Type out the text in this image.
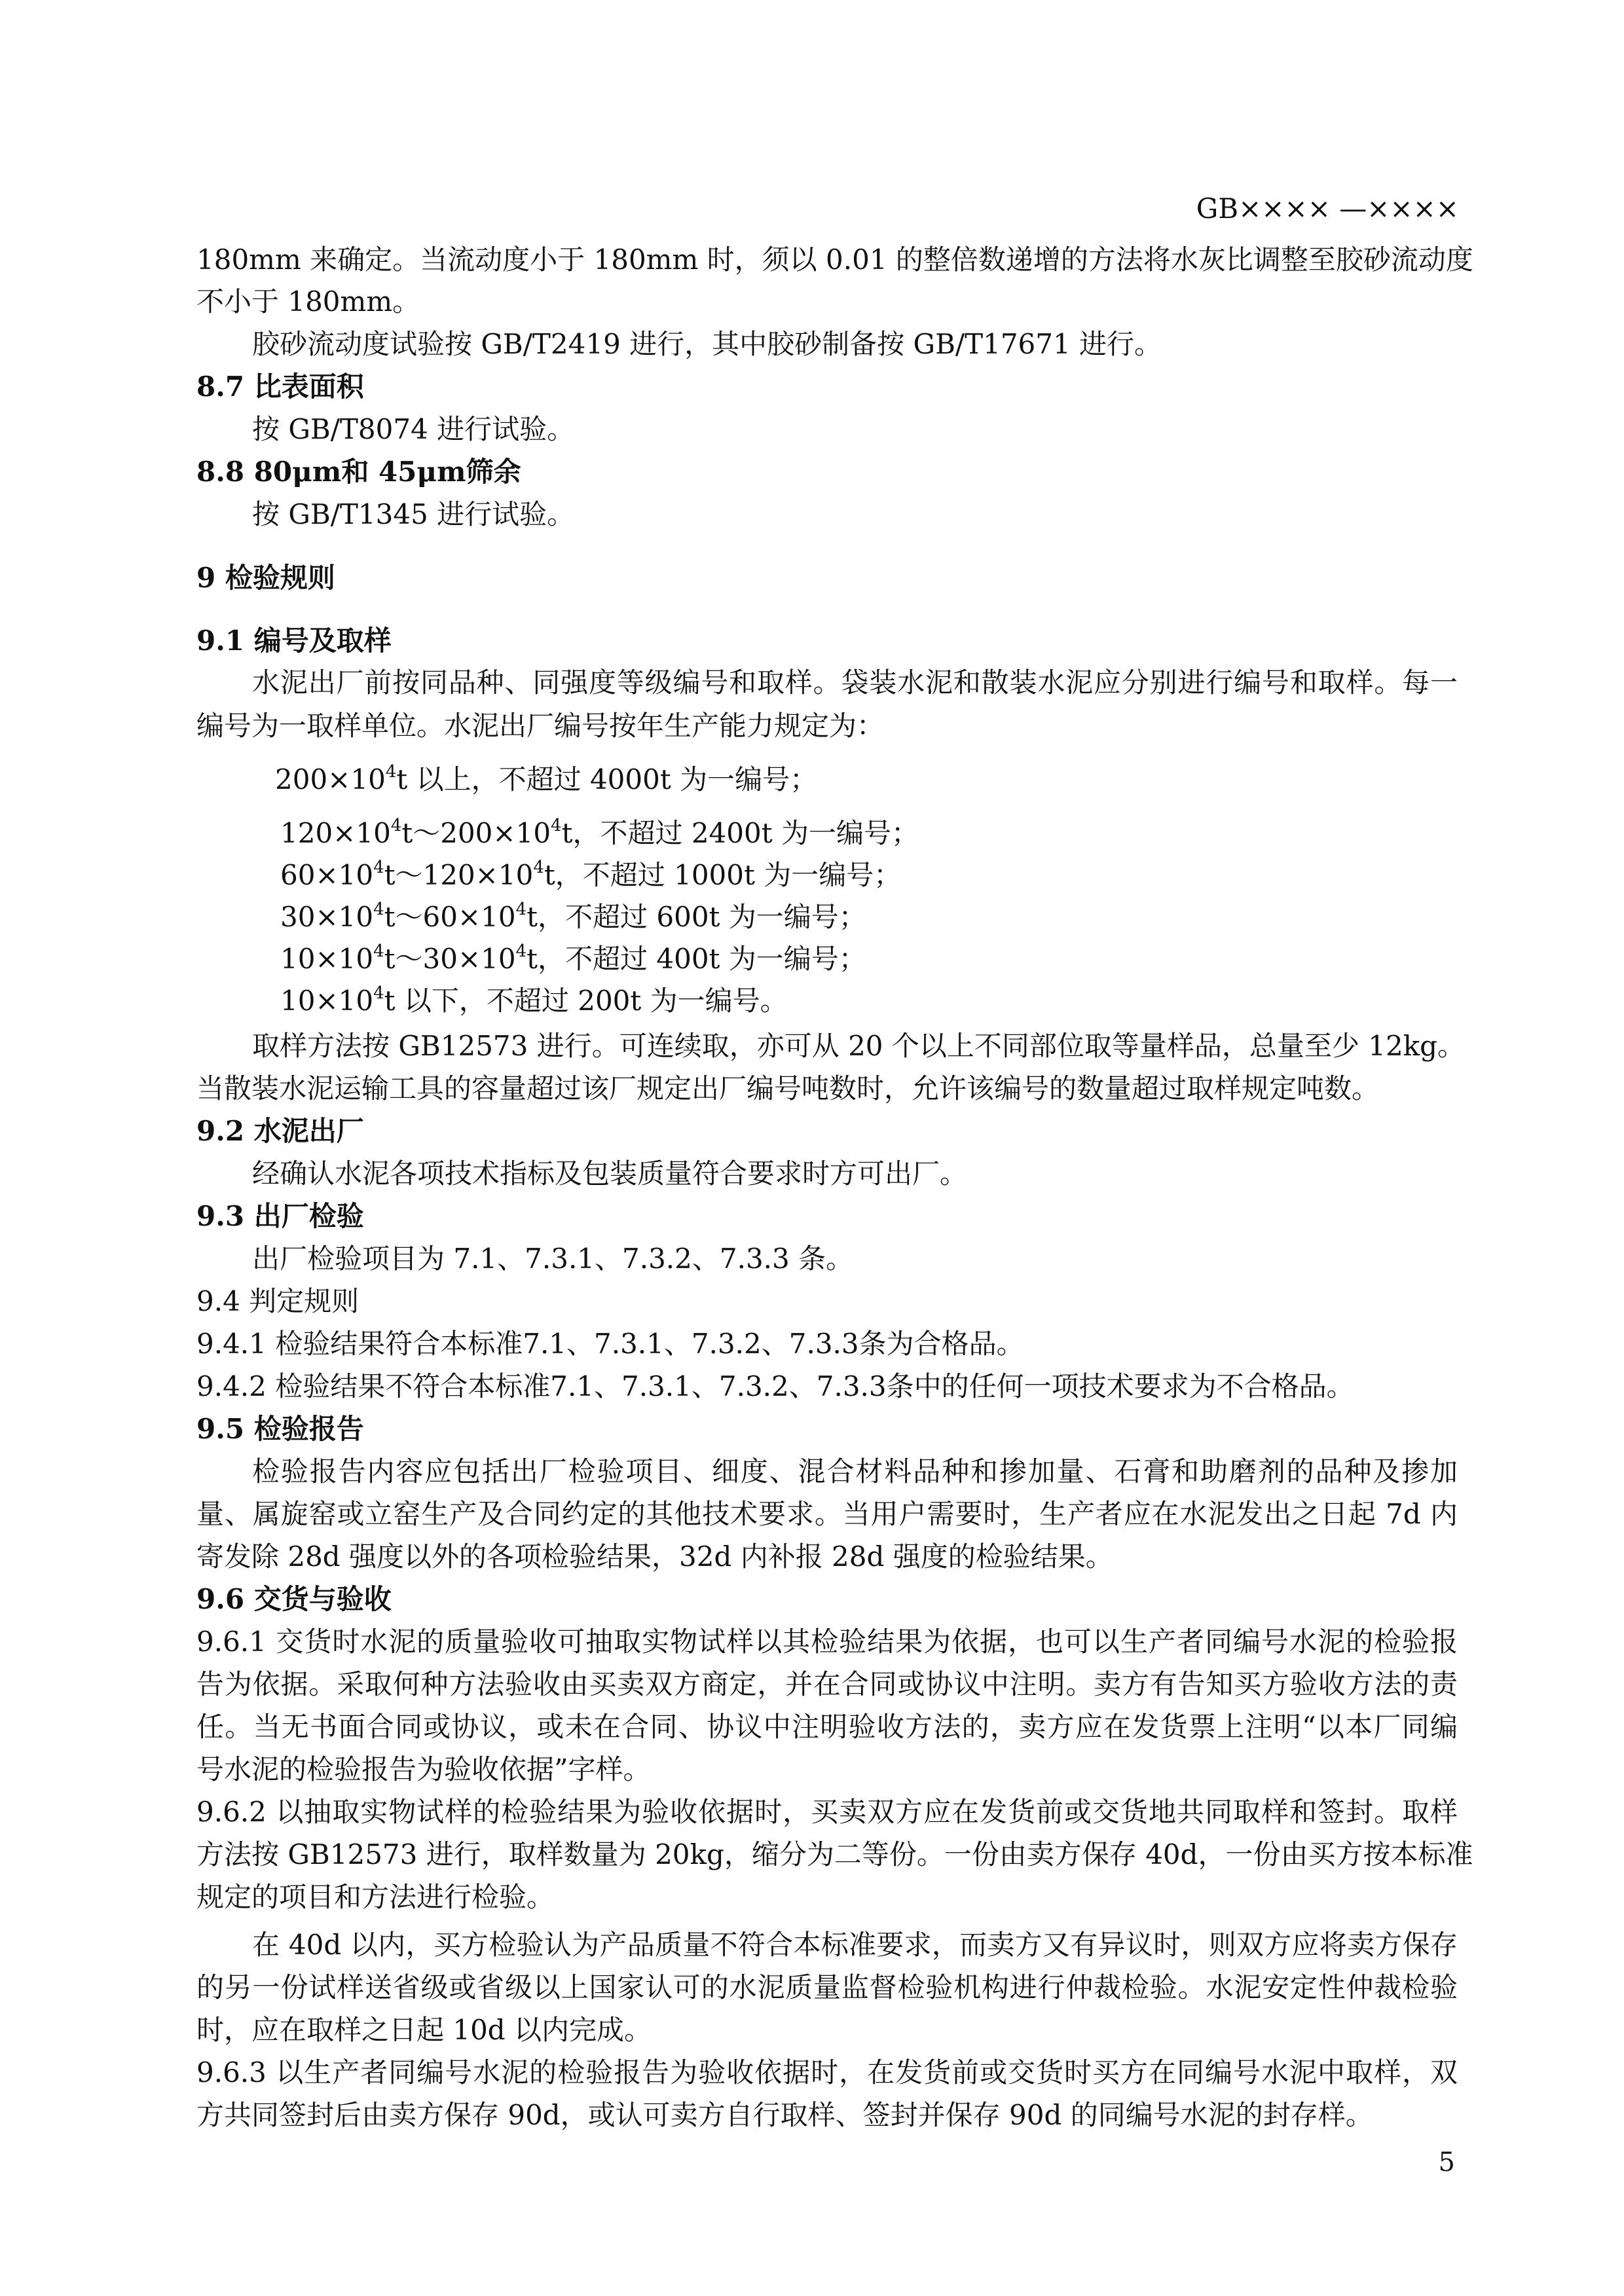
GB×××× —××××

180mm 来确定。当流动度小于 180mm 时，须以 0.01 的整倍数递增的方法将水灰比调整至胶砂流动度

不小于 180mm。

胶砂流动度试验按 GB/T2419 进行，其中胶砂制备按 GB/T17671 进行。

8.7 比表面积

按 GB/T8074 进行试验。

8.8 80μm和 45μm筛余

按 GB/T1345 进行试验。

9 检验规则

9.1 编号及取样

水泥出厂前按同品种、同强度等级编号和取样。袋装水泥和散装水泥应分别进行编号和取样。每一

编号为一取样单位。水泥出厂编号按年生产能力规定为：

$200\times 10^4t$ 以上，不超过 4000t 为一编号；

$120\times 10^4t\sim 200\times 10^4t$，不超过 2400t 为一编号；

$60\times 10^4t\sim 120\times 10^4t$，不超过 1000t 为一编号；

$30\times 10^4t\sim 60\times 10^4t$，不超过 600t 为一编号；

$10\times 10^4t\sim 30\times 10^4t$，不超过 400t 为一编号；

$10\times 10^4t$ 以下，不超过 200t 为一编号。

取样方法按 GB12573 进行。可连续取，亦可从 20 个以上不同部位取等量样品，总量至少 12kg。

当散装水泥运输工具的容量超过该厂规定出厂编号吨数时，允许该编号的数量超过取样规定吨数。

9.2 水泥出厂

经确认水泥各项技术指标及包装质量符合要求时方可出厂。

9.3 出厂检验

出厂检验项目为 7.1、7.3.1、7.3.2、7.3.3 条。

9.4 判定规则

9.4.1 检验结果符合本标准7.1、7.3.1、7.3.2、7.3.3条为合格品。

9.4.2 检验结果不符合本标准7.1、7.3.1、7.3.2、7.3.3条中的任何一项技术要求为不合格品。

9.5 检验报告

检验报告内容应包括出厂检验项目、细度、混合材料品种和掺加量、石膏和助磨剂的品种及掺加

量、属旋窑或立窑生产及合同约定的其他技术要求。当用户需要时，生产者应在水泥发出之日起 7d 内

寄发除 28d 强度以外的各项检验结果，32d 内补报 28d 强度的检验结果。

9.6 交货与验收

9.6.1 交货时水泥的质量验收可抽取实物试样以其检验结果为依据，也可以生产者同编号水泥的检验报

告为依据。采取何种方法验收由买卖双方商定，并在合同或协议中注明。卖方有告知买方验收方法的责

任。当无书面合同或协议，或未在合同、协议中注明验收方法的，卖方应在发货票上注明“以本厂同编

号水泥的检验报告为验收依据”字样。

9.6.2 以抽取实物试样的检验结果为验收依据时，买卖双方应在发货前或交货地共同取样和签封。取样

方法按 GB12573 进行，取样数量为 20kg，缩分为二等份。一份由卖方保存 40d，一份由买方按本标准

规定的项目和方法进行检验。

在 40d 以内，买方检验认为产品质量不符合本标准要求，而卖方又有异议时，则双方应将卖方保存

的另一份试样送省级或省级以上国家认可的水泥质量监督检验机构进行仲裁检验。水泥安定性仲裁检验

时，应在取样之日起 10d 以内完成。

9.6.3 以生产者同编号水泥的检验报告为验收依据时，在发货前或交货时买方在同编号水泥中取样，双

方共同签封后由卖方保存 90d，或认可卖方自行取样、签封并保存 90d 的同编号水泥的封存样。

5
